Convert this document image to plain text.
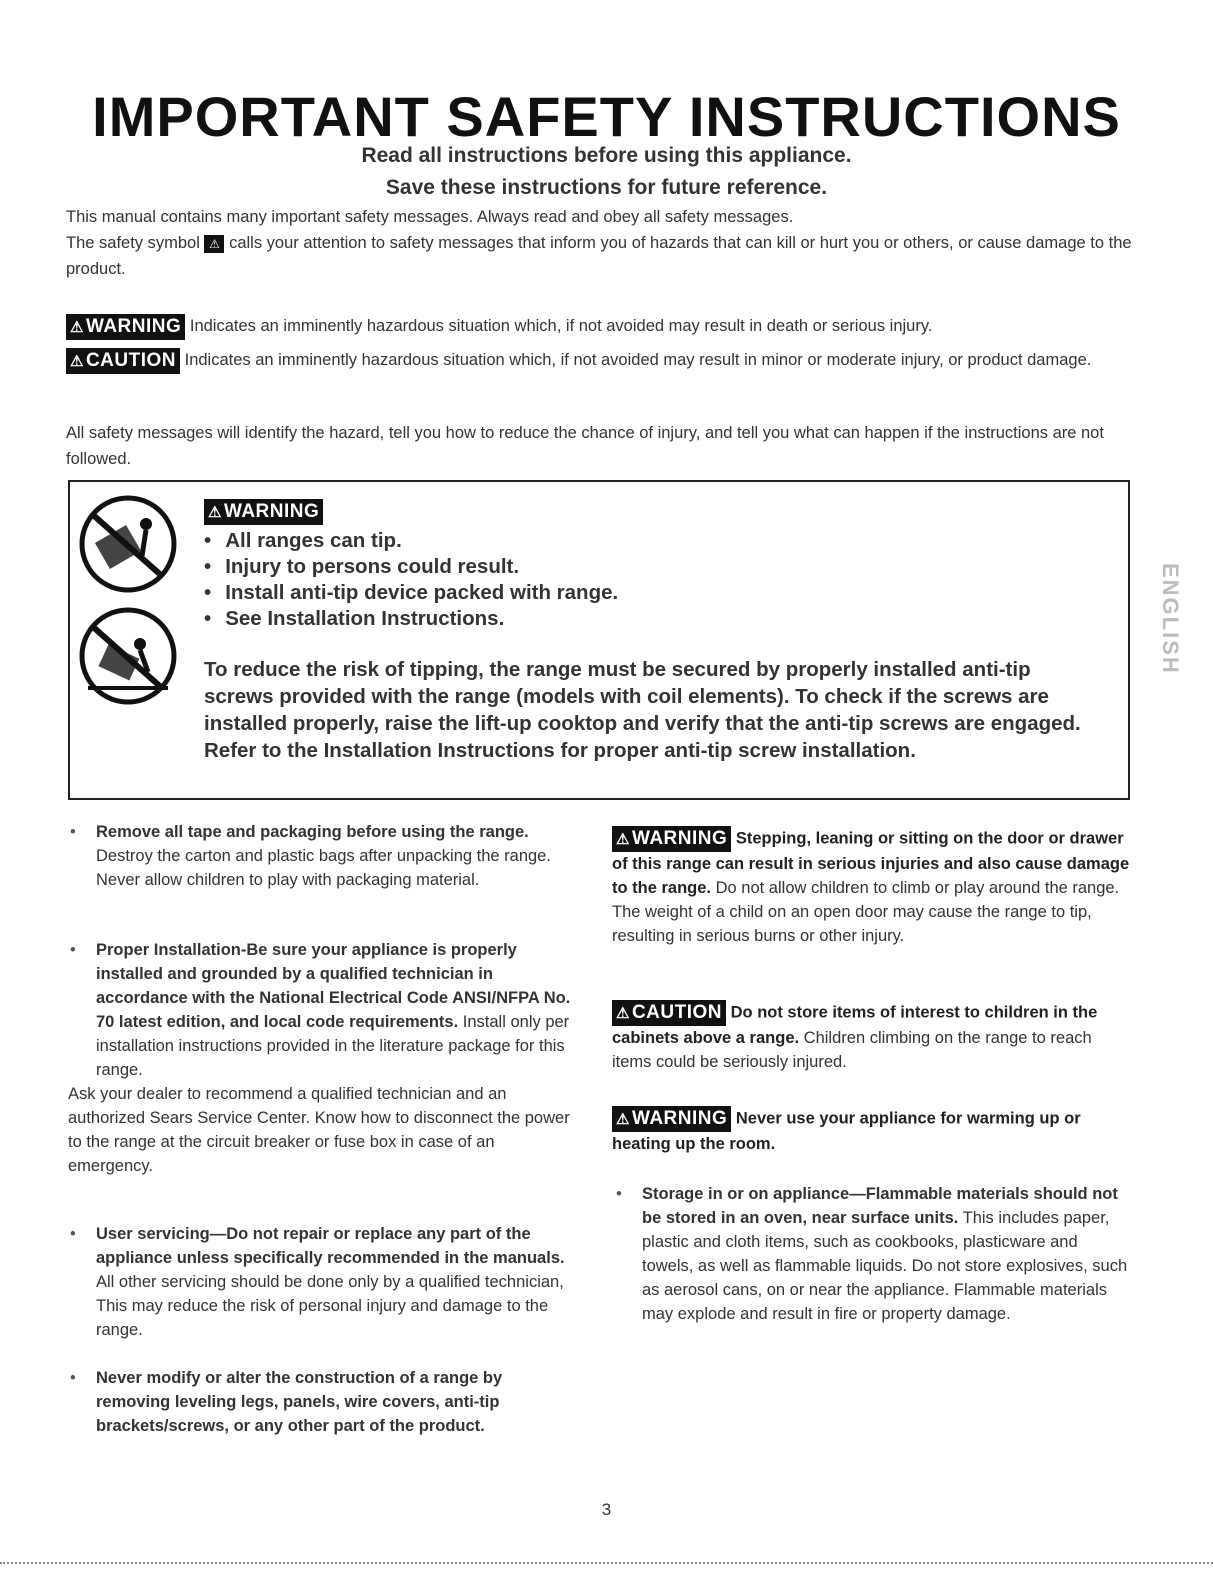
IMPORTANT SAFETY INSTRUCTIONS
Read all instructions before using this appliance.
Save these instructions for future reference.
This manual contains many important safety messages. Always read and obey all safety messages.
The safety symbol ⚠ calls your attention to safety messages that inform you of hazards that can kill or hurt you or others, or cause damage to the product.
⚠ WARNING Indicates an imminently hazardous situation which, if not avoided may result in death or serious injury.
⚠ CAUTION Indicates an imminently hazardous situation which, if not avoided may result in minor or moderate injury, or product damage.
All safety messages will identify the hazard, tell you how to reduce the chance of injury, and tell you what can happen if the instructions are not followed.
⚠ WARNING
• All ranges can tip.
• Injury to persons could result.
• Install anti-tip device packed with range.
• See Installation Instructions.
To reduce the risk of tipping, the range must be secured by properly installed anti-tip
screws provided with the range (models with coil elements). To check if the screws are installed properly, raise the lift-up cooktop and verify that the anti-tip screws are engaged. Refer to the Installation Instructions for proper anti-tip screw installation.
ENGLISH
• Remove all tape and packaging before using the range. Destroy the carton and plastic bags after unpacking the range. Never allow children to play with packaging material.
• Proper Installation-Be sure your appliance is properly installed and grounded by a qualified technician in accordance with the National Electrical Code ANSI/NFPA No. 70 latest edition, and local code requirements. Install only per installation instructions provided in the literature package for this range.
Ask your dealer to recommend a qualified technician and an authorized Sears Service Center. Know how to disconnect the power to the range at the circuit breaker or fuse box in case of an emergency.
• User servicing—Do not repair or replace any part of the appliance unless specifically recommended in the manuals. All other servicing should be done only by a qualified technician, This may reduce the risk of personal injury and damage to the range.
• Never modify or alter the construction of a range by removing leveling legs, panels, wire covers, anti-tip brackets/screws, or any other part of the product.
⚠ WARNING Stepping, leaning or sitting on the door or drawer of this range can result in serious injuries and also cause damage to the range. Do not allow children to climb or play around the range. The weight of a child on an open door may cause the range to tip, resulting in serious burns or other injury.
⚠ CAUTION Do not store items of interest to children in the cabinets above a range. Children climbing on the range to reach items could be seriously injured.
⚠ WARNING Never use your appliance for warming up or heating up the room.
• Storage in or on appliance—Flammable materials should not be stored in an oven, near surface units. This includes paper, plastic and cloth items, such as cookbooks, plasticware and towels, as well as flammable liquids. Do not store explosives, such as aerosol cans, on or near the appliance. Flammable materials may explode and result in fire or property damage.
3
